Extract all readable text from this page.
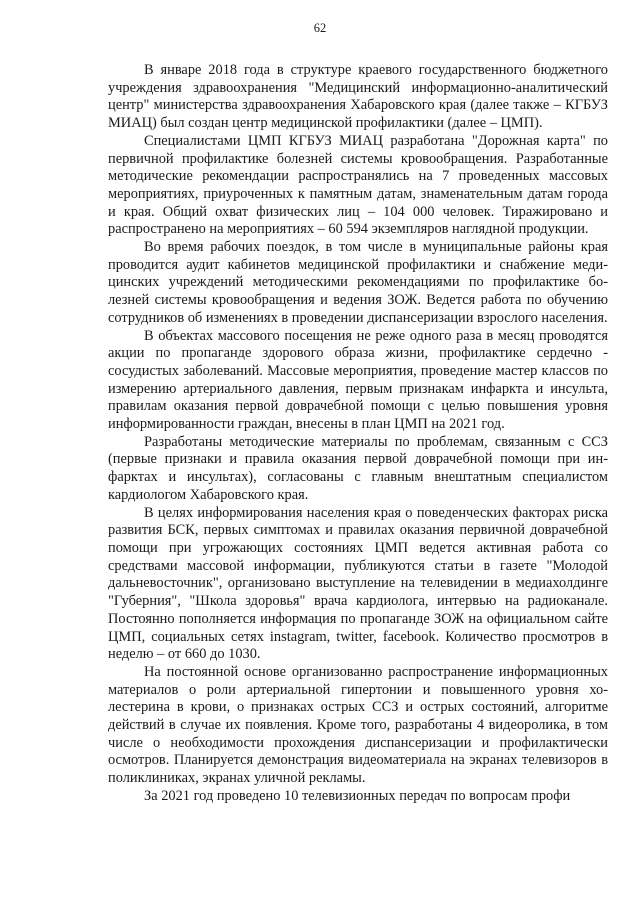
62

В январе 2018 года в структуре краевого государственного бюджетного учреждения здравоохранения "Медицинский информационно-аналитический центр" министерства здравоохранения Хабаровского края (далее также – КГБУЗ МИАЦ) был создан центр медицинской профилактики (далее – ЦМП).

Специалистами ЦМП КГБУЗ МИАЦ разработана "Дорожная карта" по первичной профилактике болезней системы кровообращения. Разработанные методические рекомендации распространялись на 7 проведенных массовых мероприятиях, приуроченных к памятным датам, знаменательным датам города и края. Общий охват физических лиц – 104 000 человек. Тиражировано и распространено на мероприятиях – 60 594 экземпляров наглядной продукции.

Во время рабочих поездок, в том числе в муниципальные районы края проводится аудит кабинетов медицинской профилактики и снабжение медицинских учреждений методическими рекомендациями по профилактике болезней системы кровообращения и ведения ЗОЖ. Ведется работа по обучению сотрудников об изменениях в проведении диспансеризации взрослого населения.

В объектах массового посещения не реже одного раза в месяц проводятся акции по пропаганде здорового образа жизни, профилактике сердечно - сосудистых заболеваний. Массовые мероприятия, проведение мастер классов по измерению артериального давления, первым признакам инфаркта и инсульта, правилам оказания первой доврачебной помощи с целью повышения уровня информированности граждан, внесены в план ЦМП на 2021 год.

Разработаны методические материалы по проблемам, связанным с ССЗ (первые признаки и правила оказания первой доврачебной помощи при инфарктах и инсультах), согласованы с главным внештатным специалистом кардиологом Хабаровского края.

В целях информирования населения края о поведенческих факторах риска развития БСК, первых симптомах и правилах оказания первичной доврачебной помощи при угрожающих состояниях ЦМП ведется активная работа со средствами массовой информации, публикуются статьи в газете "Молодой дальневосточник", организовано выступление на телевидении в медиахолдинге "Губерния", "Школа здоровья" врача кардиолога, интервью на радиоканале. Постоянно пополняется информация по пропаганде ЗОЖ на официальном сайте ЦМП, социальных сетях instagram, twitter, facebook. Количество просмотров в неделю – от 660 до 1030.

На постоянной основе организованно распространение информационных материалов о роли артериальной гипертонии и повышенного уровня холестерина в крови, о признаках острых ССЗ и острых состояний, алгоритме действий в случае их появления. Кроме того, разработаны 4 видеоролика, в том числе о необходимости прохождения диспансеризации и профилактически осмотров. Планируется демонстрация видеоматериала на экранах телевизоров в поликлиниках, экранах уличной рекламы.

За 2021 год проведено 10 телевизионных передач по вопросам профи
